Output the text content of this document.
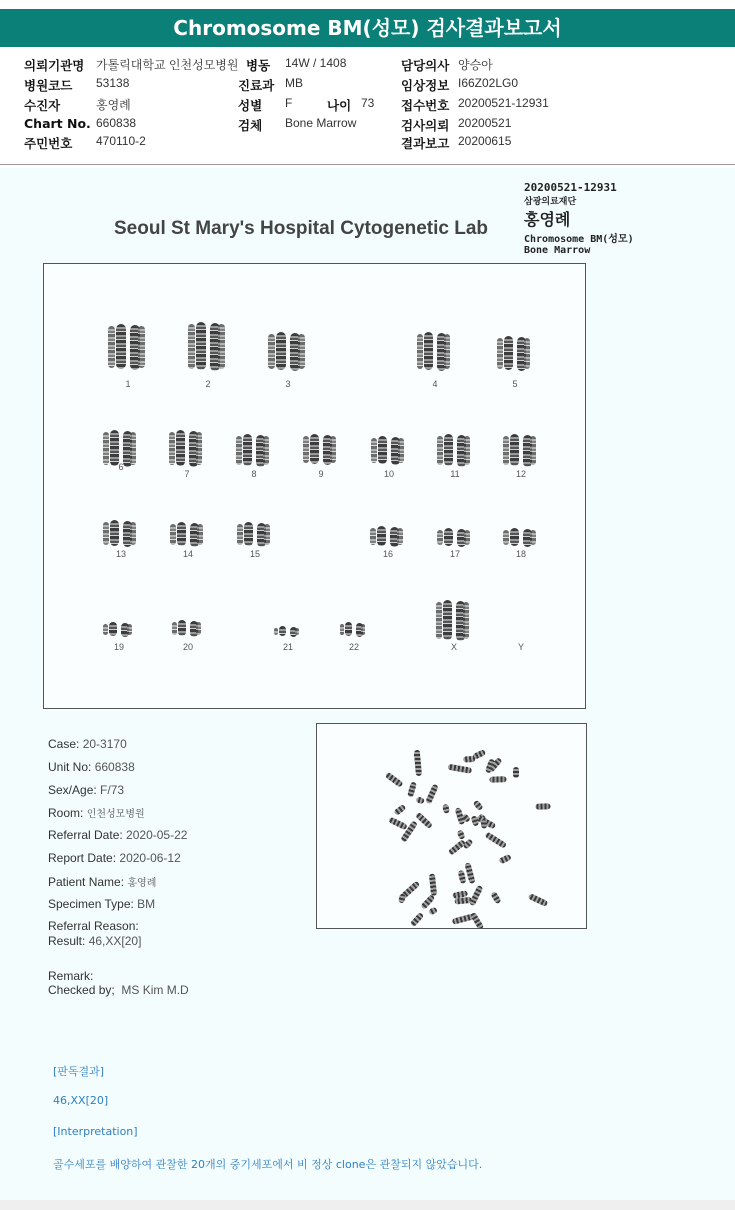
Chromosome BM(성모) 검사결과보고서
의뢰기관명 가톨릭대학교 인천성모병원 병동 14W / 1408	담당의사 양승아
병원코드 53138	진료과 MB	임상정보 I66Z02LG0
수진자	홍영례	성별 F	나이 73 접수번호 20200521-12931
Chart No. 660838	검체 Bone Marrow	검사의뢰 20200521
주민번호 470110-2	결과보고 20200615
Seoul St Mary's Hospital Cytogenetic Lab
20200521-12931
삼광의료재단
홍영례
Chromosome BM(성모)
Bone Marrow
1	2	3	4	5
6
7	8	9	10	11	12
13	14	15	16	17	18
19	20	21	22	X	Y
Case: 20-3170
Unit No: 660838
Sex/Age: F/73
Room: 인천성모병원
Referral Date: 2020-05-22
Report Date: 2020-06-12
Patient Name: 홍영례
Specimen Type: BM
Referral Reason:
Result: 46,XX[20]
Remark:
Checked by; MS Kim M.D
[판독결과]
46,XX[20]
[Interpretation]
골수세포를 배양하여 관찰한 20개의 중기세포에서 비 정상 clone은 관찰되지 않았습니다.
